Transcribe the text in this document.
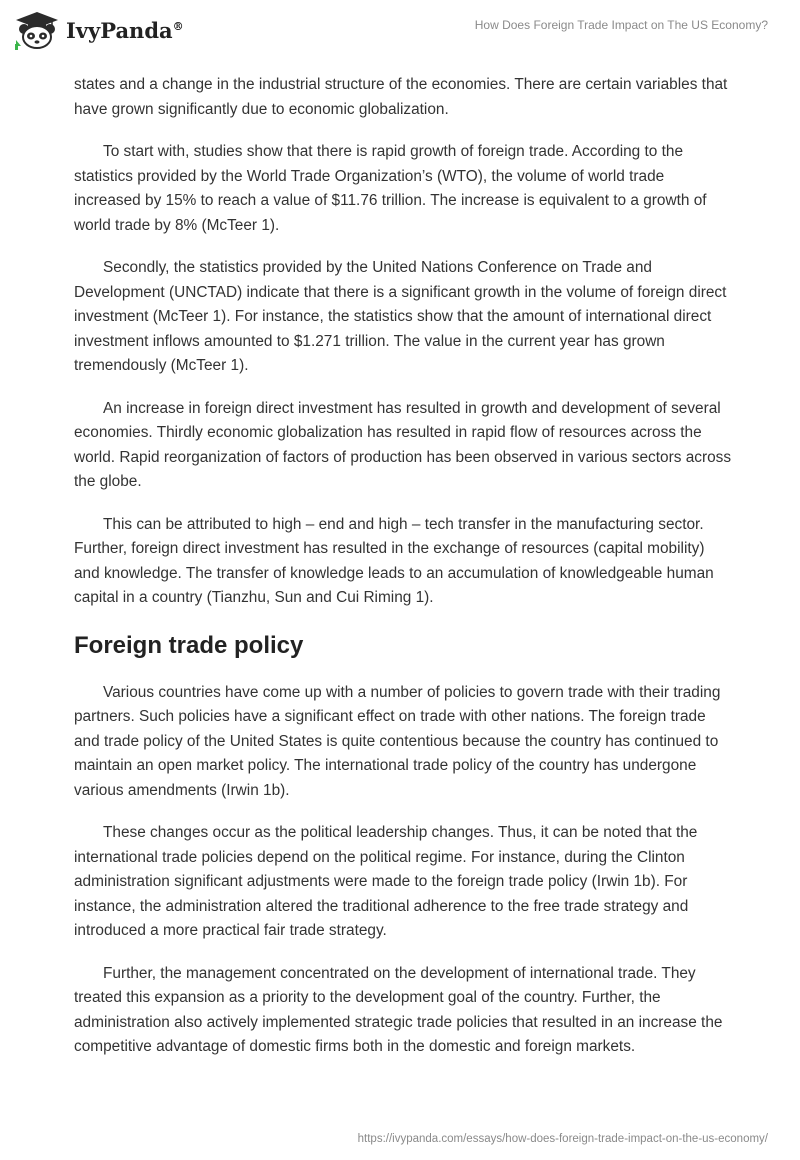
IvyPanda®	How Does Foreign Trade Impact on The US Economy?

states and a change in the industrial structure of the economies. There are certain variables that have grown significantly due to economic globalization.

To start with, studies show that there is rapid growth of foreign trade. According to the statistics provided by the World Trade Organization’s (WTO), the volume of world trade increased by 15% to reach a value of $11.76 trillion. The increase is equivalent to a growth of world trade by 8% (McTeer 1).

Secondly, the statistics provided by the United Nations Conference on Trade and Development (UNCTAD) indicate that there is a significant growth in the volume of foreign direct investment (McTeer 1). For instance, the statistics show that the amount of international direct investment inflows amounted to $1.271 trillion. The value in the current year has grown tremendously (McTeer 1).

An increase in foreign direct investment has resulted in growth and development of several economies. Thirdly economic globalization has resulted in rapid flow of resources across the world. Rapid reorganization of factors of production has been observed in various sectors across the globe.

This can be attributed to high – end and high – tech transfer in the manufacturing sector. Further, foreign direct investment has resulted in the exchange of resources (capital mobility) and knowledge. The transfer of knowledge leads to an accumulation of knowledgeable human capital in a country (Tianzhu, Sun and Cui Riming 1).

Foreign trade policy

Various countries have come up with a number of policies to govern trade with their trading partners. Such policies have a significant effect on trade with other nations. The foreign trade and trade policy of the United States is quite contentious because the country has continued to maintain an open market policy. The international trade policy of the country has undergone various amendments (Irwin 1b).

These changes occur as the political leadership changes. Thus, it can be noted that the international trade policies depend on the political regime. For instance, during the Clinton administration significant adjustments were made to the foreign trade policy (Irwin 1b). For instance, the administration altered the traditional adherence to the free trade strategy and introduced a more practical fair trade strategy.

Further, the management concentrated on the development of international trade. They treated this expansion as a priority to the development goal of the country. Further, the administration also actively implemented strategic trade policies that resulted in an increase the competitive advantage of domestic firms both in the domestic and foreign markets.

https://ivypanda.com/essays/how-does-foreign-trade-impact-on-the-us-economy/
